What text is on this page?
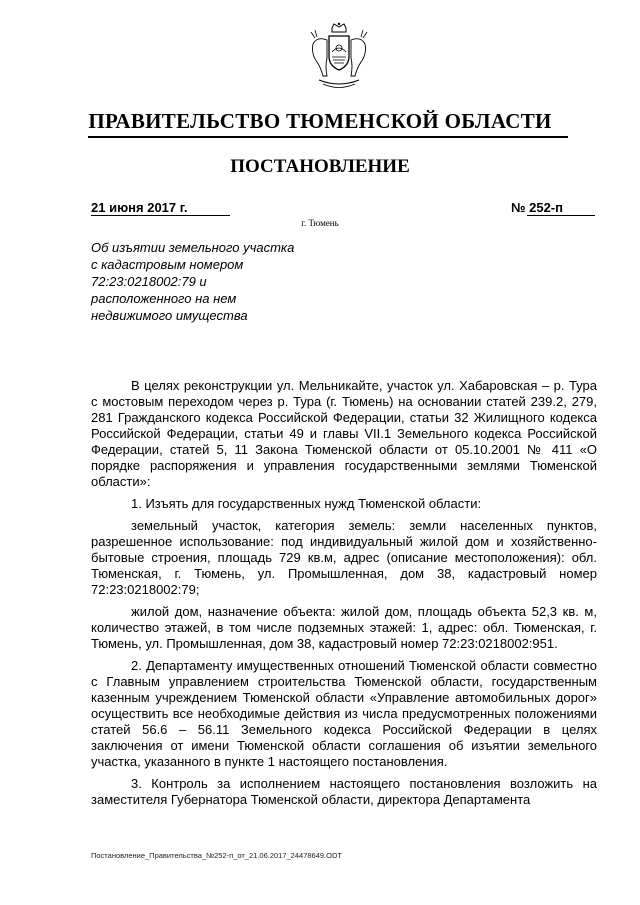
ПРАВИТЕЛЬСТВО ТЮМЕНСКОЙ ОБЛАСТИ
ПОСТАНОВЛЕНИЕ
21 июня 2017 г.	№ 252-п
г. Тюмень
Об изъятии земельного участка
с кадастровым номером
72:23:0218002:79 и
расположенного на нем
недвижимого имущества

В целях реконструкции ул. Мельникайте, участок ул. Хабаровская – р. Тура с мостовым переходом через р. Тура (г. Тюмень) на основании статей 239.2, 279, 281 Гражданского кодекса Российской Федерации, статьи 32 Жилищного кодекса Российской Федерации, статьи 49 и главы VII.1 Земельного кодекса Российской Федерации, статей 5, 11 Закона Тюменской области от 05.10.2001 № 411 «О порядке распоряжения и управления государственными землями Тюменской области»:

1. Изъять для государственных нужд Тюменской области:

земельный участок, категория земель: земли населенных пунктов, разрешенное использование: под индивидуальный жилой дом и хозяйственно-бытовые строения, площадь 729 кв.м, адрес (описание местоположения): обл. Тюменская, г. Тюмень, ул. Промышленная, дом 38, кадастровый номер 72:23:0218002:79;

жилой дом, назначение объекта: жилой дом, площадь объекта 52,3 кв. м, количество этажей, в том числе подземных этажей: 1, адрес: обл. Тюменская, г. Тюмень, ул. Промышленная, дом 38, кадастровый номер 72:23:0218002:951.

2. Департаменту имущественных отношений Тюменской области совместно с Главным управлением строительства Тюменской области, государственным казенным учреждением Тюменской области «Управление автомобильных дорог» осуществить все необходимые действия из числа предусмотренных положениями статей 56.6 – 56.11 Земельного кодекса Российской Федерации в целях заключения от имени Тюменской области соглашения об изъятии земельного участка, указанного в пункте 1 настоящего постановления.

3. Контроль за исполнением настоящего постановления возложить на заместителя Губернатора Тюменской области, директора Департамента

Постановление_Правительства_№252-п_от_21.06.2017_24478649.ODT
